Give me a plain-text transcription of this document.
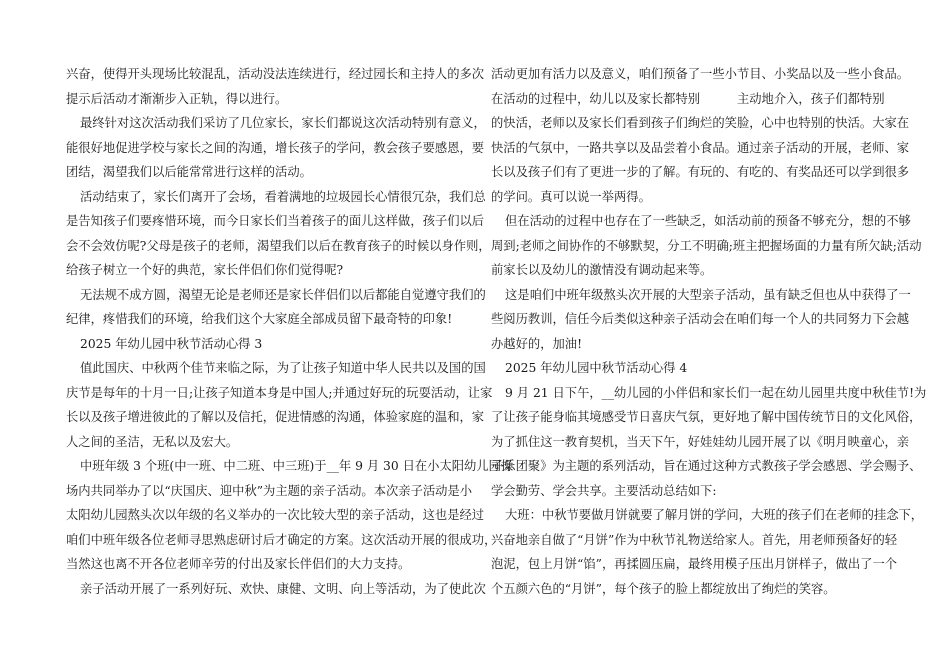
兴奋，使得开头现场比较混乱，活动没法连续进行，经过园长和主持人的多次
提示后活动才渐渐步入正轨，得以进行。
最终针对这次活动我们采访了几位家长，家长们都说这次活动特别有意义，
能很好地促进学校与家长之间的沟通，增长孩子的学问，教会孩子要感恩，要
团结，渴望我们以后能常常进行这样的活动。
活动结束了，家长们离开了会场，看着满地的垃圾园长心情很冗杂，我们总
是告知孩子们要疼惜环境，而今日家长们当着孩子的面儿这样做，孩子们以后
会不会效仿呢?父母是孩子的老师，渴望我们以后在教育孩子的时候以身作则，
给孩子树立一个好的典范，家长伴侣们你们觉得呢?
无法规不成方圆，渴望无论是老师还是家长伴侣们以后都能自觉遵守我们的
纪律，疼惜我们的环境，给我们这个大家庭全部成员留下最奇特的印象!
2025 年幼儿园中秋节活动心得 3
值此国庆、中秋两个佳节来临之际，为了让孩子知道中华人民共以及国的国
庆节是每年的十月一日;让孩子知道本身是中国人;并通过好玩的玩耍活动，让家
长以及孩子增进彼此的了解以及信托，促进情感的沟通，体验家庭的温和，家
人之间的圣洁，无私以及宏大。
中班年级 3 个班(中一班、中二班、中三班)于__年 9 月 30 日在小太阳幼儿园操
场内共同举办了以“庆国庆、迎中秋”为主题的亲子活动。本次亲子活动是小
太阳幼儿园熬头次以年级的名义举办的一次比较大型的亲子活动，这也是经过
咱们中班年级各位老师寻思熟虑研讨后才确定的方案。这次活动开展的很成功，
当然这也离不开各位老师辛劳的付出及家长伴侣们的大力支持。
亲子活动开展了一系列好玩、欢快、康健、文明、向上等活动，为了使此次
活动更加有活力以及意义，咱们预备了一些小节目、小奖品以及一些小食品。
在活动的过程中，幼儿以及家长都特别　　　主动地介入，孩子们都特别
的快活，老师以及家长们看到孩子们绚烂的笑脸，心中也特别的快活。大家在
快活的气氛中，一路共享以及品尝着小食品。通过亲子活动的开展，老师、家
长以及孩子们有了更进一步的了解。有玩的、有吃的、有奖品还可以学到很多
的学问。真可以说一举两得。
但在活动的过程中也存在了一些缺乏，如活动前的预备不够充分，想的不够
周到;老师之间协作的不够默契，分工不明确;班主把握场面的力量有所欠缺;活动
前家长以及幼儿的激情没有调动起来等。
这是咱们中班年级熬头次开展的大型亲子活动，虽有缺乏但也从中获得了一
些阅历教训，信任今后类似这种亲子活动会在咱们每一个人的共同努力下会越
办越好的，加油!
2025 年幼儿园中秋节活动心得 4
9 月 21 日下午，__幼儿园的小伴侣和家长们一起在幼儿园里共度中秋佳节!为
了让孩子能身临其境感受节日喜庆气氛，更好地了解中国传统节日的文化风俗，
为了抓住这一教育契机，当天下午，好娃娃幼儿园开展了以《明月映童心，亲
子乐团聚》为主题的系列活动，旨在通过这种方式教孩子学会感恩、学会赐予、
学会勤劳、学会共享。主要活动总结如下:
大班：中秋节要做月饼就要了解月饼的学问，大班的孩子们在老师的挂念下，
兴奋地亲自做了“月饼”作为中秋节礼物送给家人。首先，用老师预备好的轻
泡泥，包上月饼“馅”，再揉圆压扁，最终用模子压出月饼样子，做出了一个
个五颜六色的“月饼”，每个孩子的脸上都绽放出了绚烂的笑容。
